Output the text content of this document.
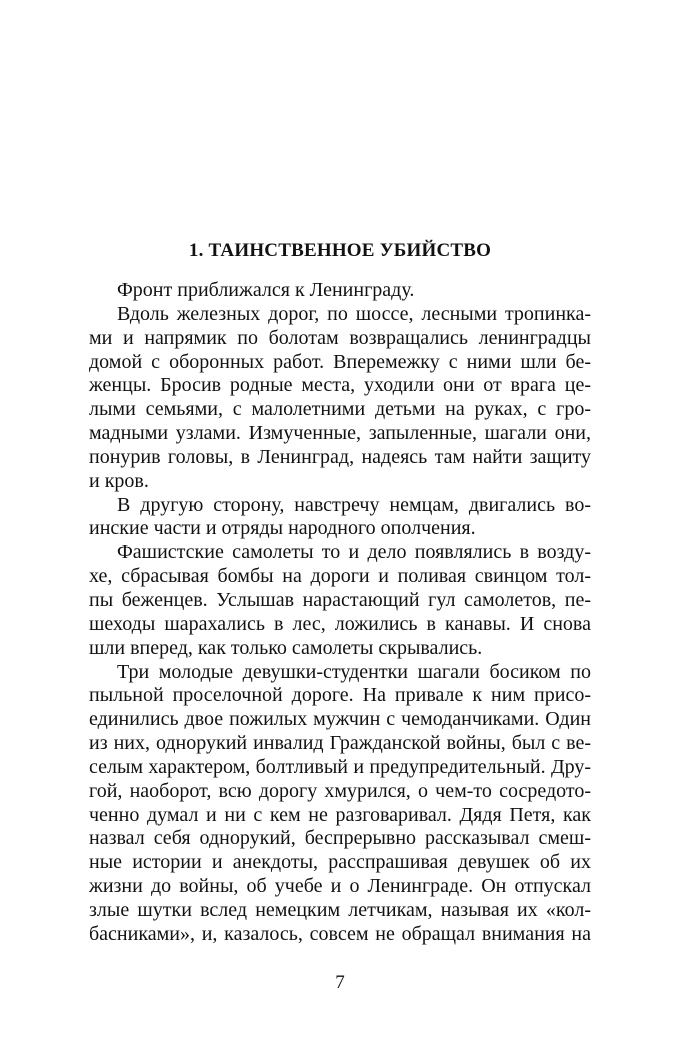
1. ТАИНСТВЕННОЕ УБИЙСТВО
Фронт приближался к Ленинграду.
Вдоль железных дорог, по шоссе, лесными тропинка-
ми и напрямик по болотам возвращались ленинградцы
домой с оборонных работ. Вперемежку с ними шли бе-
женцы. Бросив родные места, уходили они от врага це-
лыми семьями, с малолетними детьми на руках, с гро-
мадными узлами. Измученные, запыленные, шагали они,
понурив головы, в Ленинград, надеясь там найти защиту
и кров.
В другую сторону, навстречу немцам, двигались во-
инские части и отряды народного ополчения.
Фашистские самолеты то и дело появлялись в возду-
хе, сбрасывая бомбы на дороги и поливая свинцом тол-
пы беженцев. Услышав нарастающий гул самолетов, пе-
шеходы шарахались в лес, ложились в канавы. И снова
шли вперед, как только самолеты скрывались.
Три молодые девушки-студентки шагали босиком по
пыльной проселочной дороге. На привале к ним присо-
единились двое пожилых мужчин с чемоданчиками. Один
из них, однорукий инвалид Гражданской войны, был с ве-
селым характером, болтливый и предупредительный. Дру-
гой, наоборот, всю дорогу хмурился, о чем-то сосредото-
ченно думал и ни с кем не разговаривал. Дядя Петя, как
назвал себя однорукий, беспрерывно рассказывал смеш-
ные истории и анекдоты, расспрашивая девушек об их
жизни до войны, об учебе и о Ленинграде. Он отпускал
злые шутки вслед немецким летчикам, называя их «кол-
басниками», и, казалось, совсем не обращал внимания на
7
